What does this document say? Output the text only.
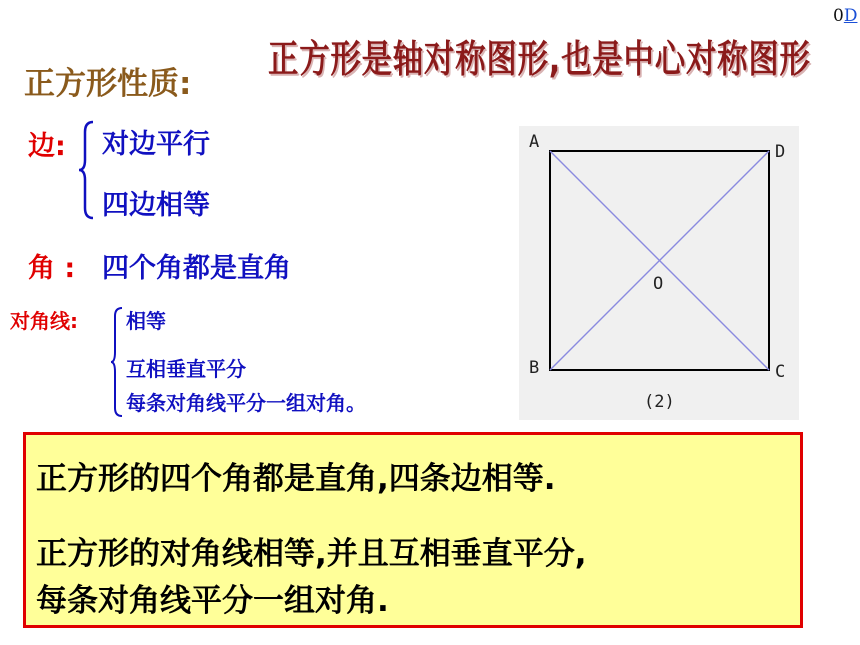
0D
正方形是轴对称图形,也是中心对称图形
正方形性质:
边: 对边平行
四边相等
角 : 四个角都是直角
对角线: 相等
互相垂直平分
每条对角线平分一组对角。
A	D
B	C
O
(2)
正方形的四个角都是直角,四条边相等.
正方形的对角线相等,并且互相垂直平分,
每条对角线平分一组对角.
